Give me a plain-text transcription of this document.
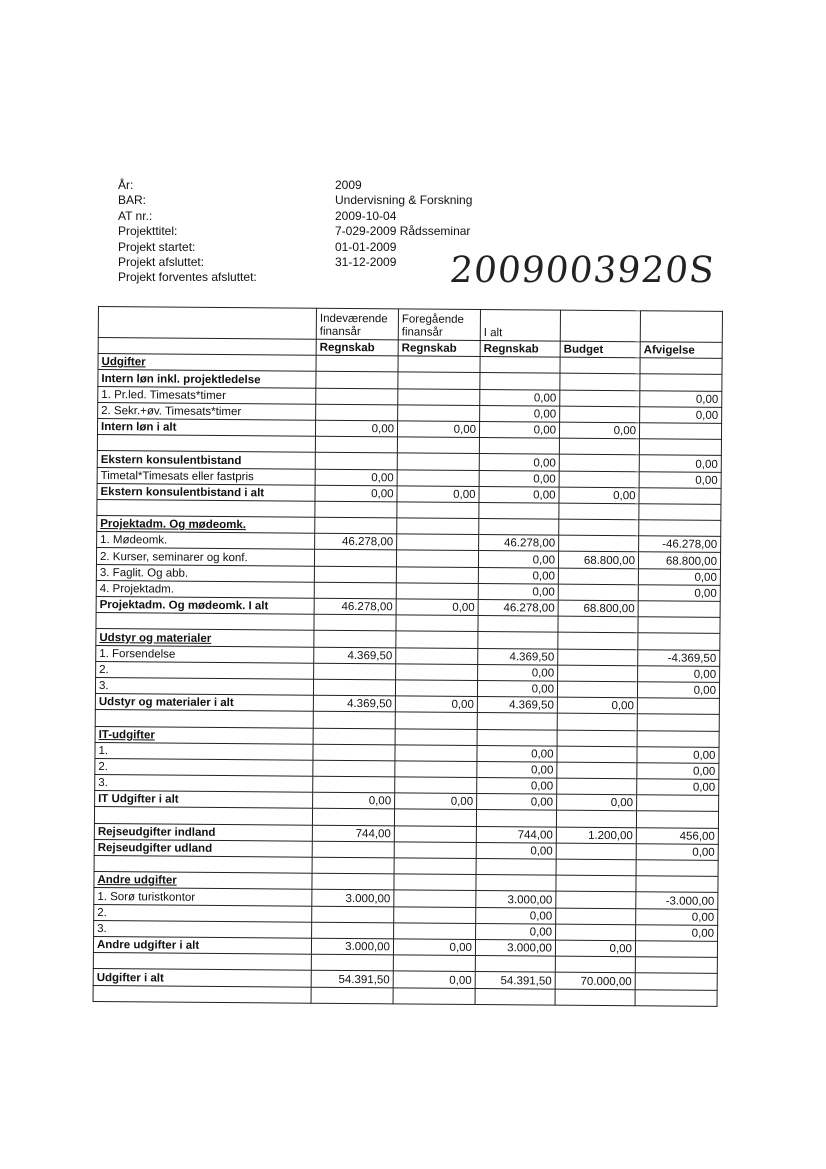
År:	2009
BAR:	Undervisning & Forskning
AT nr.:	2009-10-04
Projekttitel:	7-029-2009 Rådsseminar
Projekt startet:	01-01-2009
Projekt afsluttet:	31-12-2009
Projekt forventes afsluttet:	2009003920S
	Indeværende finansår	Foregående finansår	I alt		
	Regnskab	Regnskab	Regnskab	Budget	Afvigelse
Udgifter					
Intern løn inkl. projektledelse					
1. Pr.led. Timesats*timer			0,00		0,00
2. Sekr.+øv. Timesats*timer			0,00		0,00
Intern løn i alt	0,00	0,00	0,00	0,00	

Ekstern konsulentbistand			0,00		0,00
Timetal*Timesats eller fastpris	0,00		0,00		0,00
Ekstern konsulentbistand i alt	0,00	0,00	0,00	0,00	

Projektadm. Og mødeomk.					
1. Mødeomk.	46.278,00		46.278,00		-46.278,00
2. Kurser, seminarer og konf.			0,00	68.800,00	68.800,00
3. Faglit. Og abb.			0,00		0,00
4. Projektadm.			0,00		0,00
Projektadm. Og mødeomk. I alt	46.278,00	0,00	46.278,00	68.800,00	

Udstyr og materialer					
1. Forsendelse	4.369,50		4.369,50		-4.369,50
2.			0,00		0,00
3.			0,00		0,00
Udstyr og materialer i alt	4.369,50	0,00	4.369,50	0,00	

IT-udgifter					
1.			0,00		0,00
2.			0,00		0,00
3.			0,00		0,00
IT Udgifter i alt	0,00	0,00	0,00	0,00	

Rejseudgifter indland	744,00		744,00	1.200,00	456,00
Rejseudgifter udland			0,00		0,00

Andre udgifter					
1. Sorø turistkontor	3.000,00		3.000,00		-3.000,00
2.			0,00		0,00
3.			0,00		0,00
Andre udgifter i alt	3.000,00	0,00	3.000,00	0,00	

Udgifter i alt	54.391,50	0,00	54.391,50	70.000,00	
